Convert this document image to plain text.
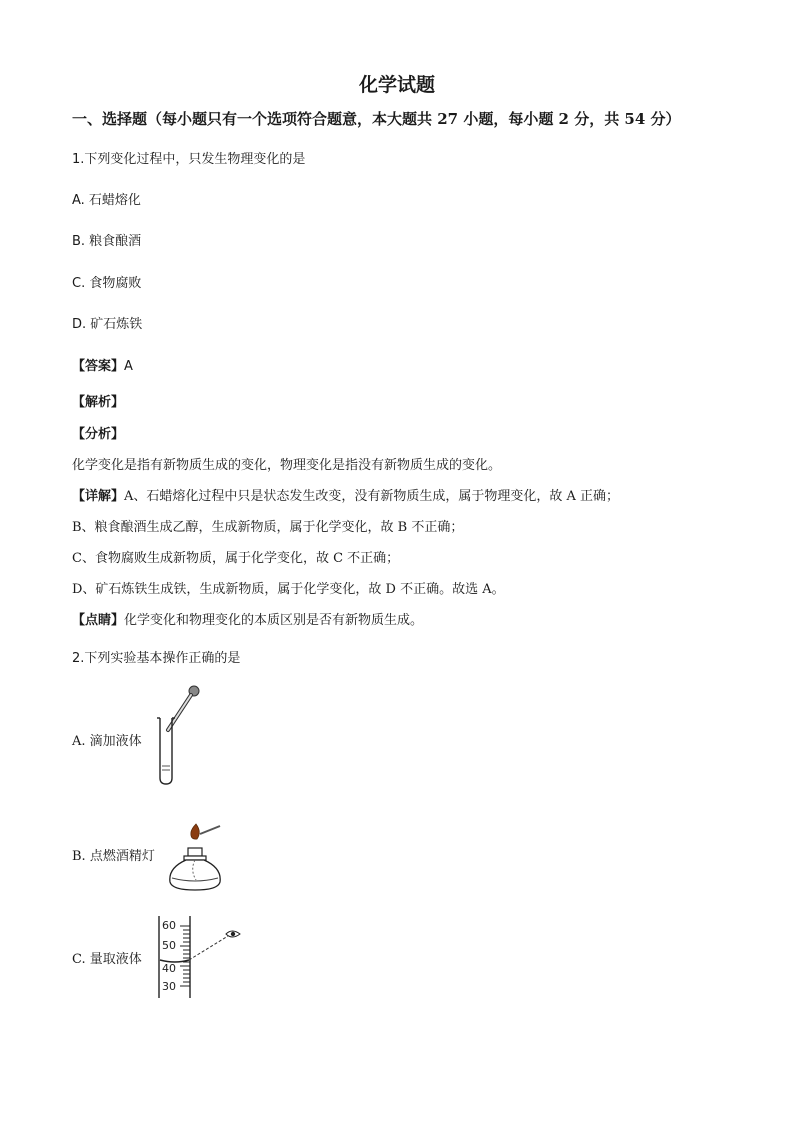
化学试题
一、选择题（每小题只有一个选项符合题意，本大题共 27 小题，每小题 2 分，共 54 分）
1.下列变化过程中，只发生物理变化的是
A. 石蜡熔化
B. 粮食酿酒
C. 食物腐败
D. 矿石炼铁
【答案】A
【解析】
【分析】
化学变化是指有新物质生成的变化，物理变化是指没有新物质生成的变化。
【详解】A、石蜡熔化过程中只是状态发生改变，没有新物质生成，属于物理变化，故 A 正确；
B、粮食酿酒生成乙醇，生成新物质，属于化学变化，故 B 不正确；
C、食物腐败生成新物质，属于化学变化，故 C 不正确；
D、矿石炼铁生成铁，生成新物质，属于化学变化，故 D 不正确。故选 A。
【点睛】化学变化和物理变化的本质区别是否有新物质生成。
2.下列实验基本操作正确的是
A. 滴加液体
B. 点燃酒精灯
C. 量取液体
60
50
40
30
